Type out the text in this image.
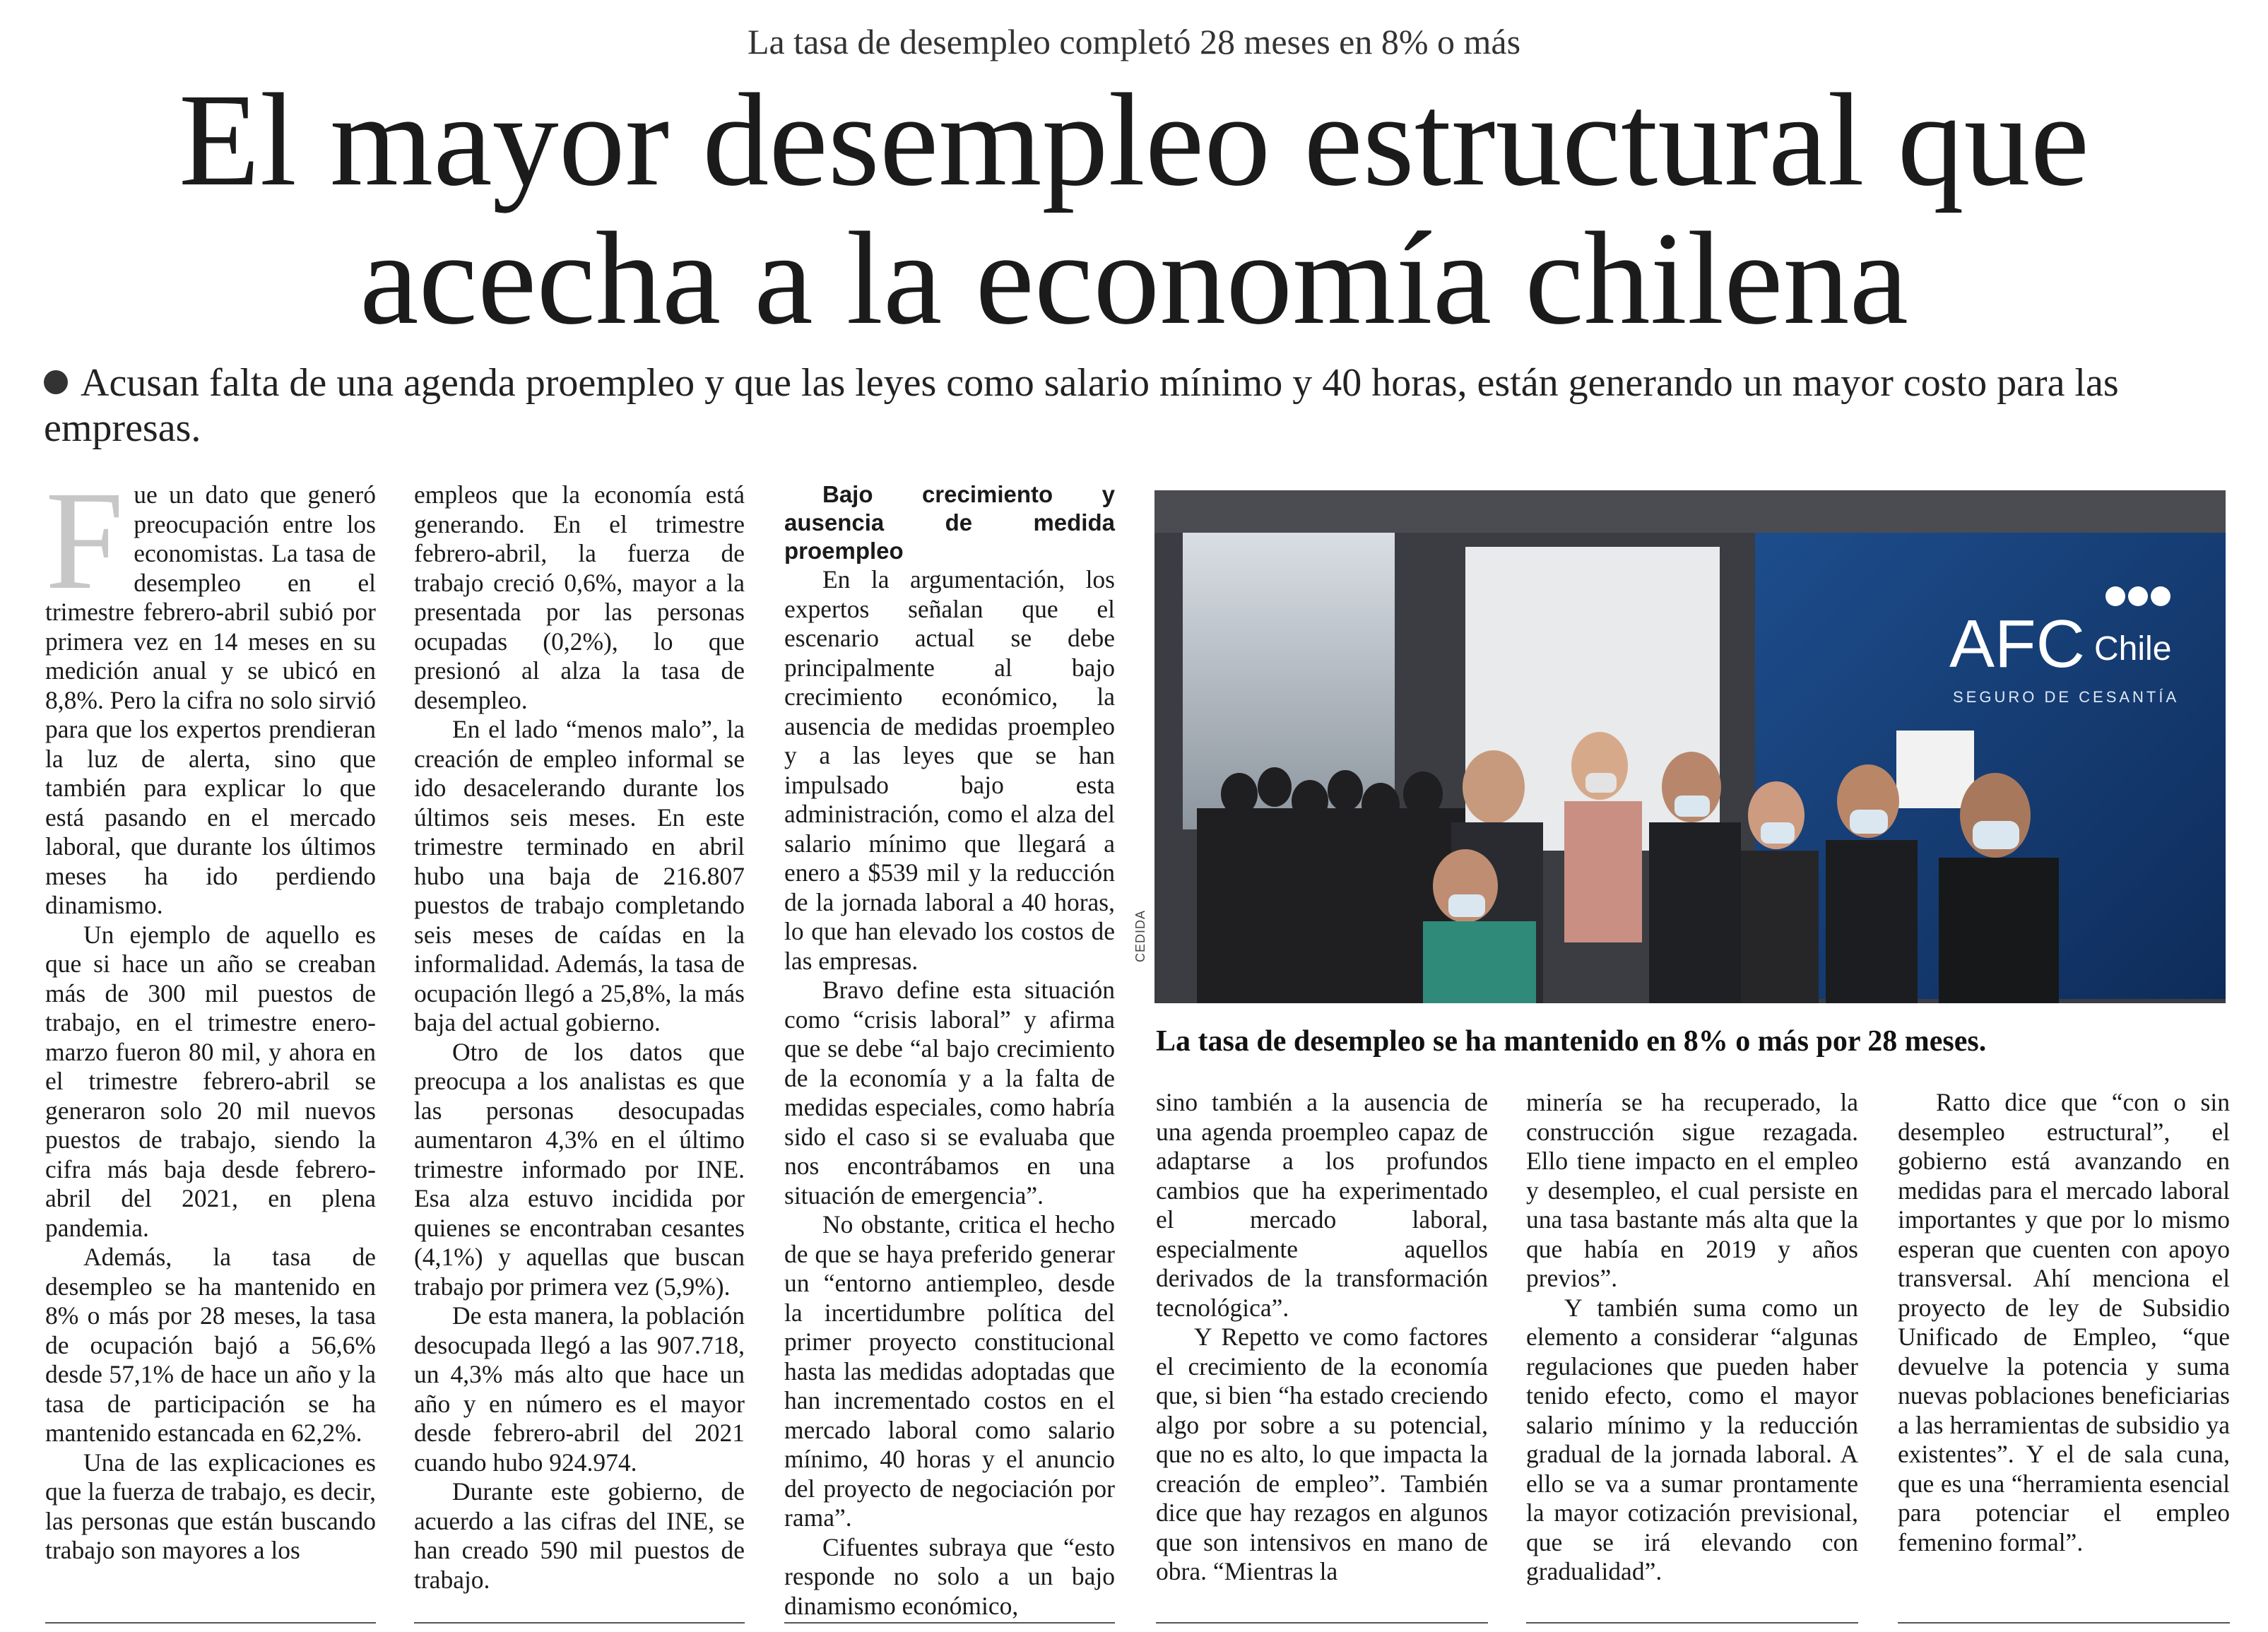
La tasa de desempleo completó 28 meses en 8% o más
El mayor desempleo estructural que
acecha a la economía chilena
Acusan falta de una agenda proempleo y que las leyes como salario mínimo y 40 horas, están generando un mayor costo para las empresas.

Fue un dato que generó preocupación entre los economistas. La tasa de desempleo en el trimestre febrero-abril subió por primera vez en 14 meses en su medición anual y se ubicó en 8,8%. Pero la cifra no solo sirvió para que los expertos prendieran la luz de alerta, sino que también para explicar lo que está pasando en el mercado laboral, que durante los últimos meses ha ido perdiendo dinamismo.

Un ejemplo de aquello es que si hace un año se creaban más de 300 mil puestos de trabajo, en el trimestre enero-marzo fueron 80 mil, y ahora en el trimestre febrero-abril se generaron solo 20 mil nuevos puestos de trabajo, siendo la cifra más baja desde febrero-abril del 2021, en plena pandemia.

Además, la tasa de desempleo se ha mantenido en 8% o más por 28 meses, la tasa de ocupación bajó a 56,6% desde 57,1% de hace un año y la tasa de participación se ha mantenido estancada en 62,2%.

Una de las explicaciones es que la fuerza de trabajo, es decir, las personas que están buscando trabajo son mayores a los

empleos que la economía está generando. En el trimestre febrero-abril, la fuerza de trabajo creció 0,6%, mayor a la presentada por las personas ocupadas (0,2%), lo que presionó al alza la tasa de desempleo.

En el lado “menos malo”, la creación de empleo informal se ido desacelerando durante los últimos seis meses. En este trimestre terminado en abril hubo una baja de 216.807 puestos de trabajo completando seis meses de caídas en la informalidad. Además, la tasa de ocupación llegó a 25,8%, la más baja del actual gobierno.

Otro de los datos que preocupa a los analistas es que las personas desocupadas aumentaron 4,3% en el último trimestre informado por INE. Esa alza estuvo incidida por quienes se encontraban cesantes (4,1%) y aquellas que buscan trabajo por primera vez (5,9%).

De esta manera, la población desocupada llegó a las 907.718, un 4,3% más alto que hace un año y en número es el mayor desde febrero-abril del 2021 cuando hubo 924.974.

Durante este gobierno, de acuerdo a las cifras del INE, se han creado 590 mil puestos de trabajo.

Bajo crecimiento y ausencia de medida proempleo

En la argumentación, los expertos señalan que el escenario actual se debe principalmente al bajo crecimiento económico, la ausencia de medidas proempleo y a las leyes que se han impulsado bajo esta administración, como el alza del salario mínimo que llegará a enero a $539 mil y la reducción de la jornada laboral a 40 horas, lo que han elevado los costos de las empresas.

Bravo define esta situación como “crisis laboral” y afirma que se debe “al bajo crecimiento de la economía y a la falta de medidas especiales, como habría sido el caso si se evaluaba que nos encontrábamos en una situación de emergencia”.

No obstante, critica el hecho de que se haya preferido generar un “entorno antiempleo, desde la incertidumbre política del primer proyecto constitucional hasta las medidas adoptadas que han incrementado costos en el mercado laboral como salario mínimo, 40 horas y el anuncio del proyecto de negociación por rama”.

Cifuentes subraya que “esto responde no solo a un bajo dinamismo económico,

AFC Chile
SEGURO DE CESANTÍA
CEDIDA
La tasa de desempleo se ha mantenido en 8% o más por 28 meses.

sino también a la ausencia de una agenda proempleo capaz de adaptarse a los profundos cambios que ha experimentado el mercado laboral, especialmente aquellos derivados de la transformación tecnológica”.

Y Repetto ve como factores el crecimiento de la economía que, si bien “ha estado creciendo algo por sobre a su potencial, que no es alto, lo que impacta la creación de empleo”. También dice que hay rezagos en algunos que son intensivos en mano de obra. “Mientras la

minería se ha recuperado, la construcción sigue rezagada. Ello tiene impacto en el empleo y desempleo, el cual persiste en una tasa bastante más alta que la que había en 2019 y años previos”.

Y también suma como un elemento a considerar “algunas regulaciones que pueden haber tenido efecto, como el mayor salario mínimo y la reducción gradual de la jornada laboral. A ello se va a sumar prontamente la mayor cotización previsional, que se irá elevando con gradualidad”.

Ratto dice que “con o sin desempleo estructural”, el gobierno está avanzando en medidas para el mercado laboral importantes y que por lo mismo esperan que cuenten con apoyo transversal. Ahí menciona el proyecto de ley de Subsidio Unificado de Empleo, “que devuelve la potencia y suma nuevas poblaciones beneficiarias a las herramientas de subsidio ya existentes”. Y el de sala cuna, que es una “herramienta esencial para potenciar el empleo femenino formal”.
